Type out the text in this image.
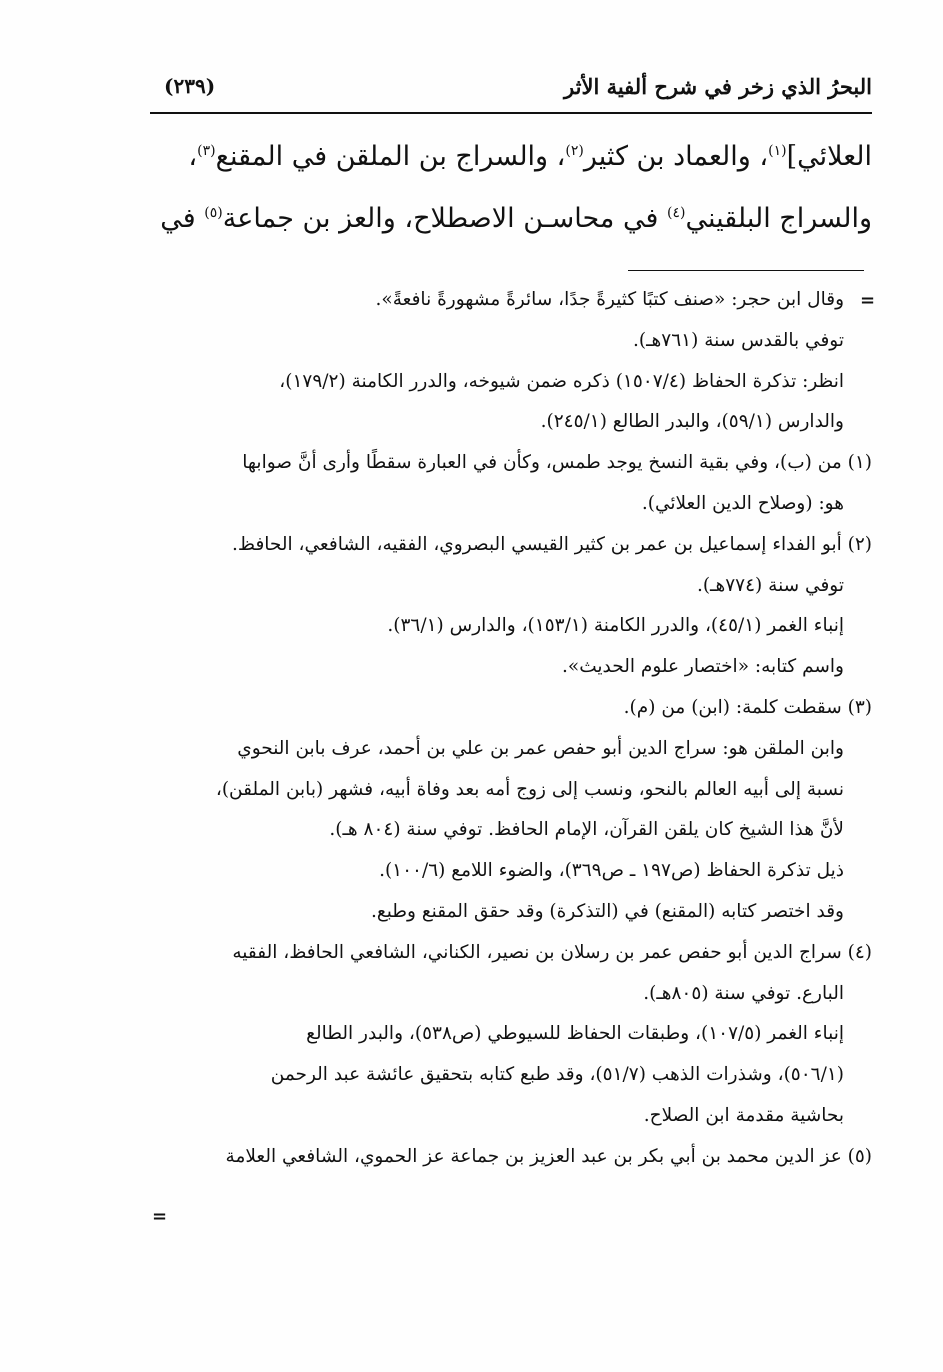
البحرُ الذي زخر في شرح ألفية الأثر
(٢٣٩)

العلائي]$^{(١)}$، والعماد بن كثير$^{(٢)}$، والسراج بن الملقن في المقنع$^{(٣)}$،

والسراج البلقيني$^{(٤)}$ في محاسـن الاصطلاح، والعز بن جماعة$^{(٥)}$ في

=
وقال ابن حجر: «صنف كتبًا كثيرةً جدًا، سائرةً مشهورةً نافعةً».
توفي بالقدس سنة (٧٦١هـ).
انظر: تذكرة الحفاظ (١٥٠٧/٤) ذكره ضمن شيوخه، والدرر الكامنة (١٧٩/٢)،
والدارس (٥٩/١)، والبدر الطالع (٢٤٥/١).
(١) من (ب)، وفي بقية النسخ يوجد طمس، وكأن في العبارة سقطًا وأرى أنَّ صوابها
هو: (وصلاح الدين العلائي).
(٢) أبو الفداء إسماعيل بن عمر بن كثير القيسي البصروي، الفقيه، الشافعي، الحافظ.
توفي سنة (٧٧٤هـ).
إنباء الغمر (٤٥/١)، والدرر الكامنة (١٥٣/١)، والدارس (٣٦/١).
واسم كتابه: «اختصار علوم الحديث».
(٣) سقطت كلمة: (ابن) من (م).
وابن الملقن هو: سراج الدين أبو حفص عمر بن علي بن أحمد، عرف بابن النحوي
نسبة إلى أبيه العالم بالنحو، ونسب إلى زوج أمه بعد وفاة أبيه، فشهر (بابن الملقن)،
لأنَّ هذا الشيخ كان يلقن القرآن، الإمام الحافظ. توفي سنة (٨٠٤ هـ).
ذيل تذكرة الحفاظ (ص١٩٧ ـ ص٣٦٩)، والضوء اللامع (١٠٠/٦).
وقد اختصر كتابه (المقنع) في (التذكرة) وقد حقق المقنع وطبع.
(٤) سراج الدين أبو حفص عمر بن رسلان بن نصير، الكناني، الشافعي الحافظ، الفقيه
البارع. توفي سنة (٨٠٥هـ).
إنباء الغمر (١٠٧/٥)، وطبقات الحفاظ للسيوطي (ص٥٣٨)، والبدر الطالع
(٥٠٦/١)، وشذرات الذهب (٥١/٧)، وقد طبع كتابه بتحقيق عائشة عبد الرحمن
بحاشية مقدمة ابن الصلاح.
(٥) عز الدين محمد بن أبي بكر بن عبد العزيز بن جماعة عز الحموي، الشافعي العلامة
=
